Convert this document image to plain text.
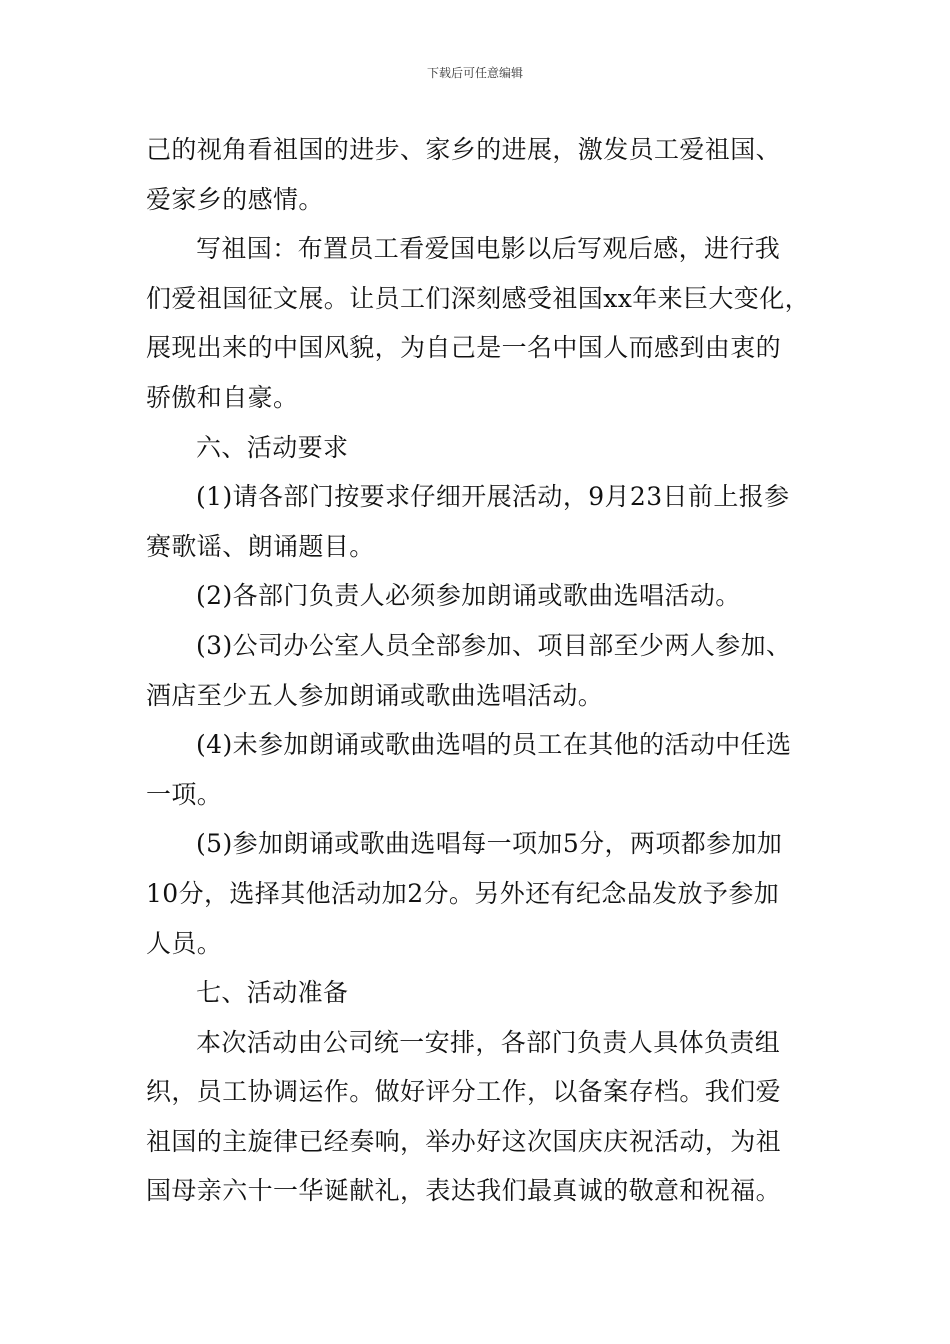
下载后可任意编辑
己的视角看祖国的进步、家乡的进展，激发员工爱祖国、
爱家乡的感情。
写祖国：布置员工看爱国电影以后写观后感，进行我
们爱祖国征文展。让员工们深刻感受祖国xx年来巨大变化，
展现出来的中国风貌，为自己是一名中国人而感到由衷的
骄傲和自豪。
六、活动要求
(1)请各部门按要求仔细开展活动，9月23日前上报参
赛歌谣、朗诵题目。
(2)各部门负责人必须参加朗诵或歌曲选唱活动。
(3)公司办公室人员全部参加、项目部至少两人参加、
酒店至少五人参加朗诵或歌曲选唱活动。
(4)未参加朗诵或歌曲选唱的员工在其他的活动中任选
一项。
(5)参加朗诵或歌曲选唱每一项加5分，两项都参加加
10分，选择其他活动加2分。另外还有纪念品发放予参加
人员。
七、活动准备
本次活动由公司统一安排，各部门负责人具体负责组
织，员工协调运作。做好评分工作，以备案存档。我们爱
祖国的主旋律已经奏响，举办好这次国庆庆祝活动，为祖
国母亲六十一华诞献礼，表达我们最真诚的敬意和祝福。
